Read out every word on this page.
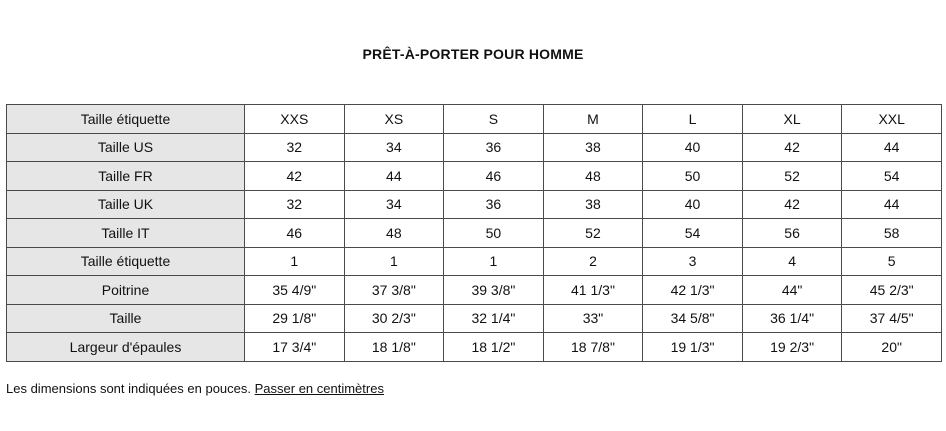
PRÊT-À-PORTER POUR HOMME
Taille étiquette	XXS	XS	S	M	L	XL	XXL
Taille US	32	34	36	38	40	42	44
Taille FR	42	44	46	48	50	52	54
Taille UK	32	34	36	38	40	42	44
Taille IT	46	48	50	52	54	56	58
Taille étiquette	1	1	1	2	3	4	5
Poitrine	35 4/9"	37 3/8"	39 3/8"	41 1/3"	42 1/3"	44"	45 2/3"
Taille	29 1/8"	30 2/3"	32 1/4"	33"	34 5/8"	36 1/4"	37 4/5"
Largeur d'épaules	17 3/4"	18 1/8"	18 1/2"	18 7/8"	19 1/3"	19 2/3"	20"
Les dimensions sont indiquées en pouces. Passer en centimètres
